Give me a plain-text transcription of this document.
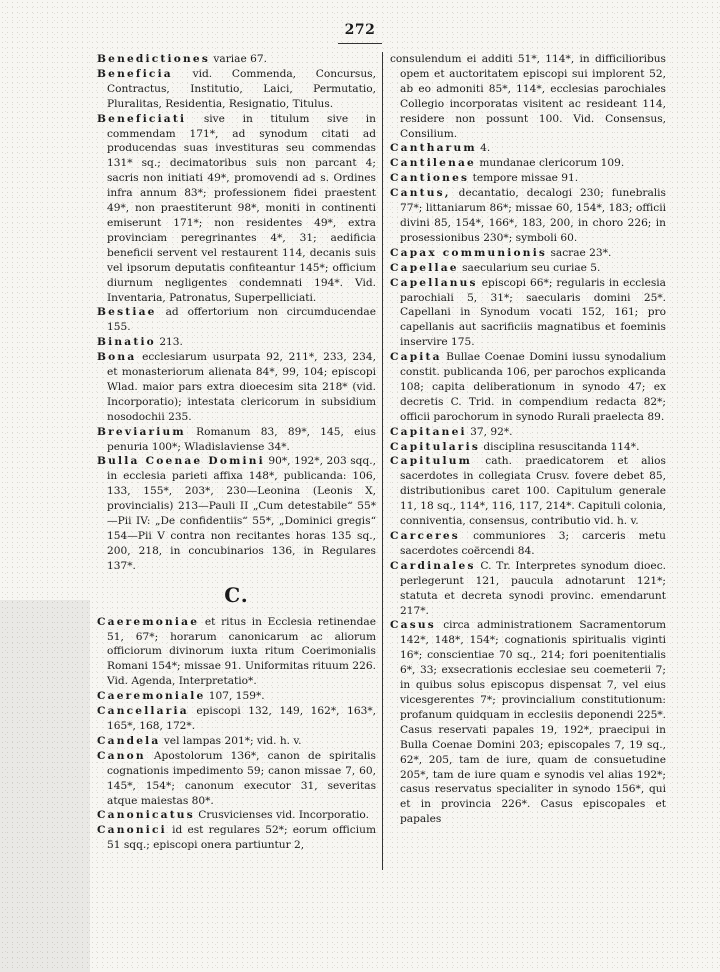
272
Benedictiones variae 67.
Beneficia vid. Commenda, Concursus, Contractus, Institutio, Laici, Permutatio, Pluralitas, Residentia, Resignatio, Titulus.
Beneficiati sive in titulum sive in commendam 171*, ad synodum citati ad producendas suas investituras seu commendas 131* sq.; decimatoribus suis non parcant 4; sacris non initiati 49*, promovendi ad s. Ordines infra annum 83*; professionem fidei praestent 49*, non praestiterunt 98*, moniti in continenti emiserunt 171*; non residentes 49*, extra provinciam peregrinantes 4*, 31; aedificia beneficii servent vel restaurent 114, decanis suis vel ipsorum deputatis confiteantur 145*; officium diurnum negligentes condemnati 194*. Vid. Inventaria, Patronatus, Superpelliciati.
Bestiae ad offertorium non circumducendae 155.
Binatio 213.
Bona ecclesiarum usurpata 92, 211*, 233, 234, et monasteriorum alienata 84*, 99, 104; episcopi Wlad. maior pars extra dioecesim sita 218* (vid. Incorporatio); intestata clericorum in subsidium nosodochii 235.
Breviarium Romanum 83, 89*, 145, eius penuria 100*; Wladislaviense 34*.
Bulla Coenae Domini 90*, 192*, 203 sqq., in ecclesia parieti affixa 148*, publicanda: 106, 133, 155*, 203*, 230—Leonina (Leonis X, provincialis) 213—Pauli II „Cum detestabile“ 55*—Pii IV: „De confidentiis“ 55*, „Dominici gregis“ 154—Pii V contra non recitantes horas 135 sq., 200, 218, in concubinarios 136, in Regulares 137*.
C.
Caeremoniae et ritus in Ecclesia retinendae 51, 67*; horarum canonicarum ac aliorum officiorum divinorum iuxta ritum Coerimonialis Romani 154*; missae 91. Uniformitas rituum 226. Vid. Agenda, Interpretatio*.
Caeremoniale 107, 159*.
Cancellaria episcopi 132, 149, 162*, 163*, 165*, 168, 172*.
Candela vel lampas 201*; vid. h. v.
Canon Apostolorum 136*, canon de spiritalis cognationis impedimento 59; canon missae 7, 60, 145*, 154*; canonum executor 31, severitas atque maiestas 80*.
Canonicatus Crusvicienses vid. Incorporatio.
Canonici id est regulares 52*; eorum officium 51 sqq.; episcopi onera partiuntur 2,
consulendum ei additi 51*, 114*, in difficilioribus opem et auctoritatem episcopi sui implorent 52, ab eo admoniti 85*, 114*, ecclesias parochiales Collegio incorporatas visitent ac resideant 114, residere non possunt 100. Vid. Consensus, Consilium.
Cantharum 4.
Cantilenae mundanae clericorum 109.
Cantiones tempore missae 91.
Cantus, decantatio, decalogi 230; funebralis 77*; littaniarum 86*; missae 60, 154*, 183; officii divini 85, 154*, 166*, 183, 200, in choro 226; in prosessionibus 230*; symboli 60.
Capax communionis sacrae 23*.
Capellae saecularium seu curiae 5.
Capellanus episcopi 66*; regularis in ecclesia parochiali 5, 31*; saecularis domini 25*. Capellani in Synodum vocati 152, 161; pro capellanis aut sacrificiis magnatibus et foeminis inservire 175.
Capita Bullae Coenae Domini iussu synodalium constit. publicanda 106, per parochos explicanda 108; capita deliberationum in synodo 47; ex decretis C. Trid. in compendium redacta 82*; officii parochorum in synodo Rurali praelecta 89.
Capitanei 37, 92*.
Capitularis disciplina resuscitanda 114*.
Capitulum cath. praedicatorem et alios sacerdotes in collegiata Crusv. fovere debet 85, distributionibus caret 100. Capitulum generale 11, 18 sq., 114*, 116, 117, 214*. Capituli colonia, conniventia, consensus, contributio vid. h. v.
Carceres communiores 3; carceris metu sacerdotes coërcendi 84.
Cardinales C. Tr. Interpretes synodum dioec. perlegerunt 121, paucula adnotarunt 121*; statuta et decreta synodi provinc. emendarunt 217*.
Casus circa administrationem Sacramentorum 142*, 148*, 154*; cognationis spiritualis viginti 16*; conscientiae 70 sq., 214; fori poenitentialis 6*, 33; exsecrationis ecclesiae seu coemeterii 7; in quibus solus episcopus dispensat 7, vel eius vicesgerentes 7*; provincialium constitutionum: profanum quidquam in ecclesiis deponendi 225*. Casus reservati papales 19, 192*, praecipui in Bulla Coenae Domini 203; episcopales 7, 19 sq., 62*, 205, tam de iure, quam de consuetudine 205*, tam de iure quam e synodis vel alias 192*; casus reservatus specialiter in synodo 156*, qui et in provincia 226*. Casus episcopales et papales
